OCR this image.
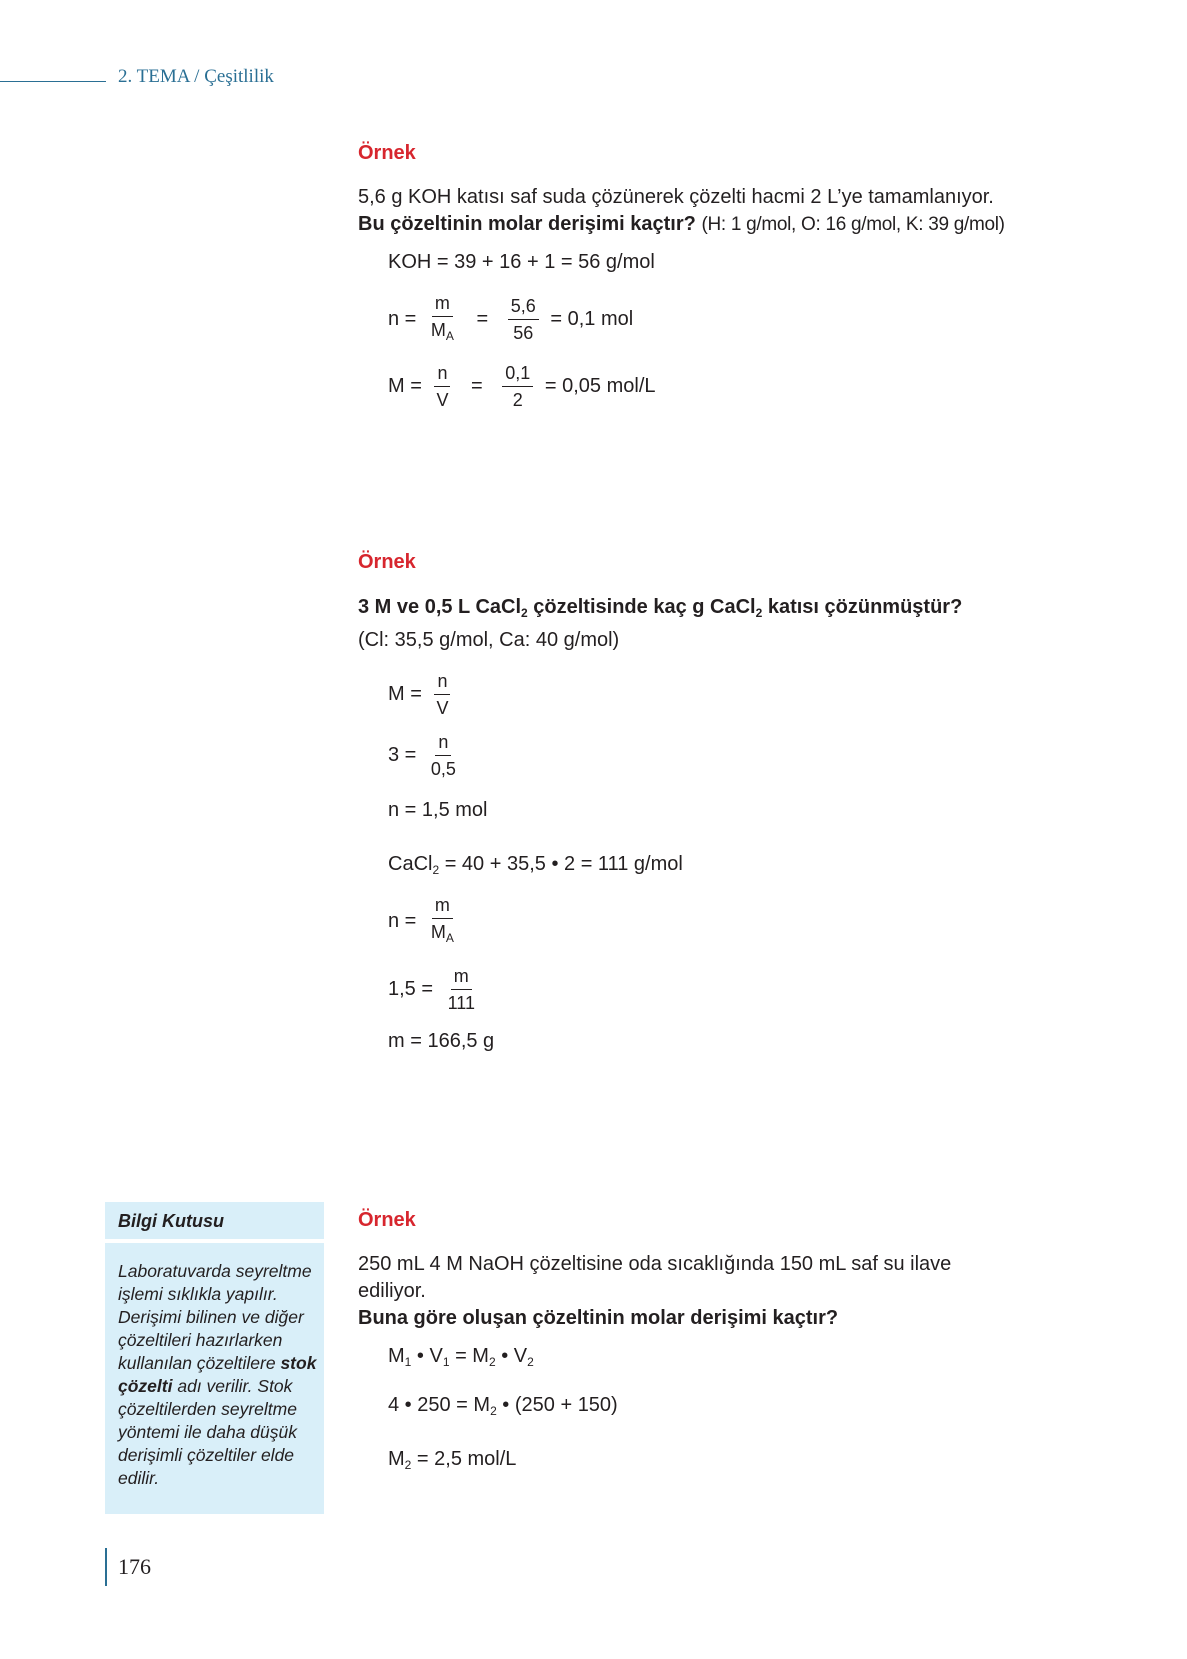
2. TEMA / Çeşitlilik
Örnek
5,6 g KOH katısı saf suda çözünerek çözelti hacmi 2 L’ye tamamlanıyor.
Bu çözeltinin molar derişimi kaçtır? (H: 1 g/mol, O: 16 g/mol, K: 39 g/mol)
KOH = 39 + 16 + 1 = 56 g/mol
$n = \frac{m}{M_A} = \frac{5,6}{56} = 0,1$ mol
$M = \frac{n}{V} = \frac{0,1}{2} = 0,05$ mol/L
Örnek
3 M ve 0,5 L CaCl$_2$ çözeltisinde kaç g CaCl$_2$ katısı çözünmüştür?
(Cl: 35,5 g/mol, Ca: 40 g/mol)
$M = \frac{n}{V}$
$3 = \frac{n}{0,5}$
n = 1,5 mol
CaCl$_2$ = 40 + 35,5 • 2 = 111 g/mol
$n = \frac{m}{M_A}$
$1,5 = \frac{m}{111}$
m = 166,5 g
Bilgi Kutusu

Laboratuvarda seyreltme işlemi sıklıkla yapılır. Derişimi bilinen ve diğer çözeltileri hazırlarken kullanılan çözeltilere stok çözelti adı verilir. Stok çözeltilerden seyreltme yöntemi ile daha düşük derişimli çözeltiler elde edilir.

Örnek
250 mL 4 M NaOH çözeltisine oda sıcaklığında 150 mL saf su ilave
ediliyor.
Buna göre oluşan çözeltinin molar derişimi kaçtır?
$M_1$ • $V_1 = M_2$ • $V_2$
4 • $250 = M_2$ • (250 + 150)
$M_2 = 2,5$ mol/L
176
